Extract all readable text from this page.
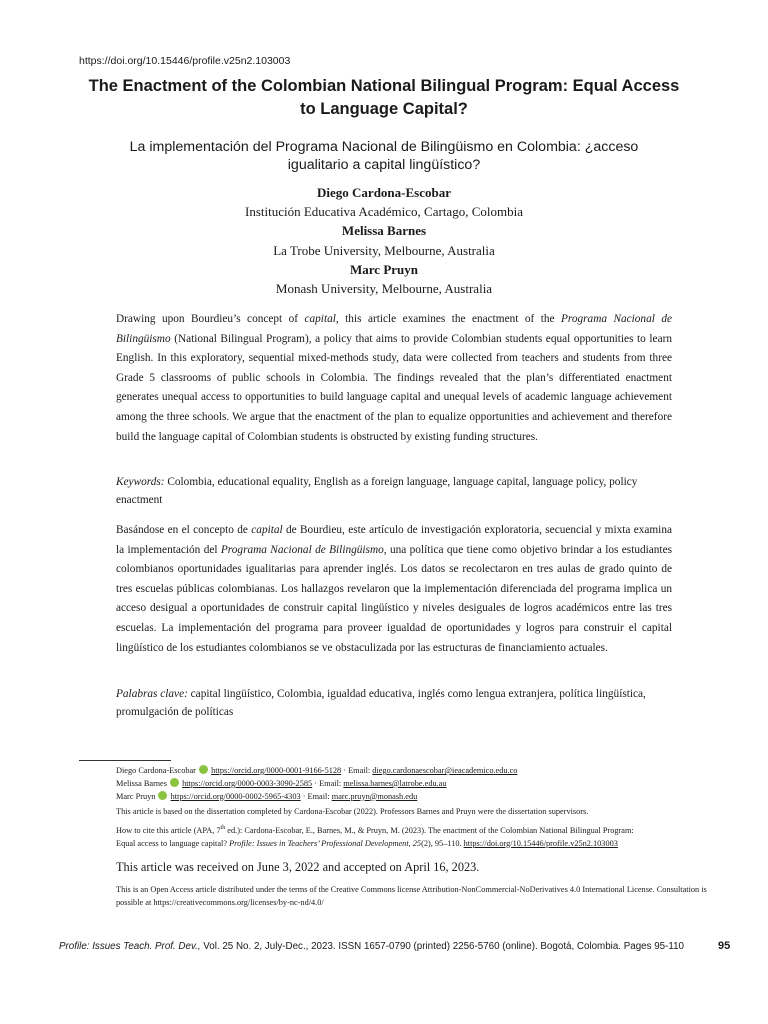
https://doi.org/10.15446/profile.v25n2.103003
The Enactment of the Colombian National Bilingual Program: Equal Access
to Language Capital?
La implementación del Programa Nacional de Bilingüismo en Colombia: ¿acceso
igualitario a capital lingüístico?
Diego Cardona-Escobar
Institución Educativa Académico, Cartago, Colombia
Melissa Barnes
La Trobe University, Melbourne, Australia
Marc Pruyn
Monash University, Melbourne, Australia

Drawing upon Bourdieu’s concept of capital, this article examines the enactment of the Programa Nacional de Bilingüismo (National Bilingual Program), a policy that aims to provide Colombian students equal opportunities to learn English. In this exploratory, sequential mixed-methods study, data were collected from teachers and students from three Grade 5 classrooms of public schools in Colombia. The findings revealed that the plan’s differentiated enactment generates unequal access to opportunities to build language capital and unequal levels of academic language achievement among the three schools. We argue that the enactment of the plan to equalize opportunities and achievement and therefore build the language capital of Colombian students is obstructed by existing funding structures.

Keywords: Colombia, educational equality, English as a foreign language, language capital, language policy, policy enactment

Basándose en el concepto de capital de Bourdieu, este artículo de investigación exploratoria, secuencial y mixta examina la implementación del Programa Nacional de Bilingüismo, una política que tiene como objetivo brindar a los estudiantes colombianos oportunidades igualitarias para aprender inglés. Los datos se recolectaron en tres aulas de grado quinto de tres escuelas públicas colombianas. Los hallazgos revelaron que la implementación diferenciada del programa implica un acceso desigual a oportunidades de construir capital lingüístico y niveles desiguales de logros académicos entre las tres escuelas. La implementación del programa para proveer igualdad de oportunidades y logros para construir el capital lingüístico de los estudiantes colombianos se ve obstaculizada por las estructuras de financiamiento actuales.

Palabras clave: capital lingüístico, Colombia, igualdad educativa, inglés como lengua extranjera, política lingüística, promulgación de políticas
Diego Cardona-Escobar https://orcid.org/0000-0001-9166-5128 · Email: diego.cardonaescobar@ieacademico.edu.co
Melissa Barnes https://orcid.org/0000-0003-3090-2585 · Email: melissa.barnes@latrobe.edu.au
Marc Pruyn https://orcid.org/0000-0002-5965-4303 · Email: marc.pruyn@monash.edu
This article is based on the dissertation completed by Cardona-Escobar (2022). Professors Barnes and Pruyn were the dissertation supervisors.
How to cite this article (APA, 7th ed.): Cardona-Escobar, E., Barnes, M., & Pruyn, M. (2023). The enactment of the Colombian National Bilingual Program:
Equal access to language capital? Profile: Issues in Teachers’ Professional Development, 25(2), 95–110. https://doi.org/10.15446/profile.v25n2.103003
This article was received on June 3, 2022 and accepted on April 16, 2023.
This is an Open Access article distributed under the terms of the Creative Commons license Attribution-NonCommercial-NoDerivatives 4.0 International License. Consultation is possible at https://creativecommons.org/licenses/by-nc-nd/4.0/
Profile: Issues Teach. Prof. Dev., Vol. 25 No. 2, July-Dec., 2023. ISSN 1657-0790 (printed) 2256-5760 (online). Bogotá, Colombia. Pages 95-110	95
